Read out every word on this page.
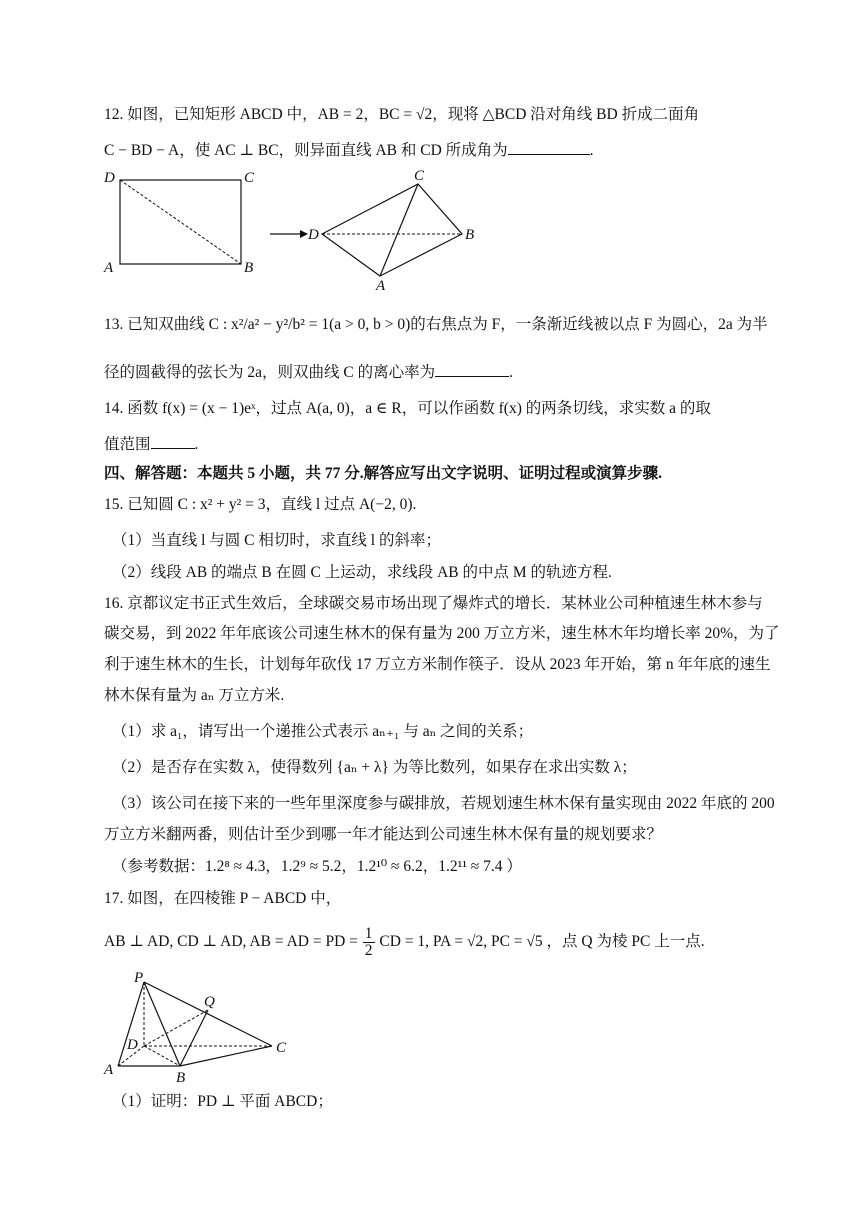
12. 如图，已知矩形 ABCD 中，AB = 2，BC = √2，现将 △BCD 沿对角线 BD 折成二面角
C − BD − A，使 AC ⊥ BC，则异面直线 AB 和 CD 所成角为	.
D	C
A	B
C
D	B
A
13. 已知双曲线 C : x²/a² − y²/b² = 1(a > 0, b > 0)的右焦点为 F，一条渐近线被以点 F 为圆心，2a 为半
径的圆截得的弦长为 2a，则双曲线 C 的离心率为	.
14. 函数 f(x) = (x − 1)eˣ，过点 A(a, 0)，a ∈ R，可以作函数 f(x) 的两条切线，求实数 a 的取
值范围	.
四、解答题：本题共 5 小题，共 77 分.解答应写出文字说明、证明过程或演算步骤.
15. 已知圆 C : x² + y² = 3，直线 l 过点 A(−2, 0).
（1）当直线 l 与圆 C 相切时，求直线 l 的斜率；
（2）线段 AB 的端点 B 在圆 C 上运动，求线段 AB 的中点 M 的轨迹方程.
16. 京都议定书正式生效后，全球碳交易市场出现了爆炸式的增长．某林业公司种植速生林木参与
碳交易，到 2022 年年底该公司速生林木的保有量为 200 万立方米，速生林木年均增长率 20%，为了
利于速生林木的生长，计划每年砍伐 17 万立方米制作筷子．设从 2023 年开始，第 n 年年底的速生
林木保有量为 aₙ 万立方米.
（1）求 a₁，请写出一个递推公式表示 aₙ₊₁ 与 aₙ 之间的关系；
（2）是否存在实数 λ，使得数列 {aₙ + λ} 为等比数列，如果存在求出实数 λ；
（3）该公司在接下来的一些年里深度参与碳排放，若规划速生林木保有量实现由 2022 年底的 200
万立方米翻两番，则估计至少到哪一年才能达到公司速生林木保有量的规划要求？
（参考数据：1.2⁸ ≈ 4.3，1.2⁹ ≈ 5.2，1.2¹⁰ ≈ 6.2，1.2¹¹ ≈ 7.4 ）
17. 如图，在四棱锥 P − ABCD 中，
AB ⊥ AD, CD ⊥ AD, AB = AD = PD = $\frac{1}{2}$ CD = 1, PA = √2, PC = √5 ，点 Q 为棱 PC 上一点.
P
Q
D	C
A	B
（1）证明：PD ⊥ 平面 ABCD；
